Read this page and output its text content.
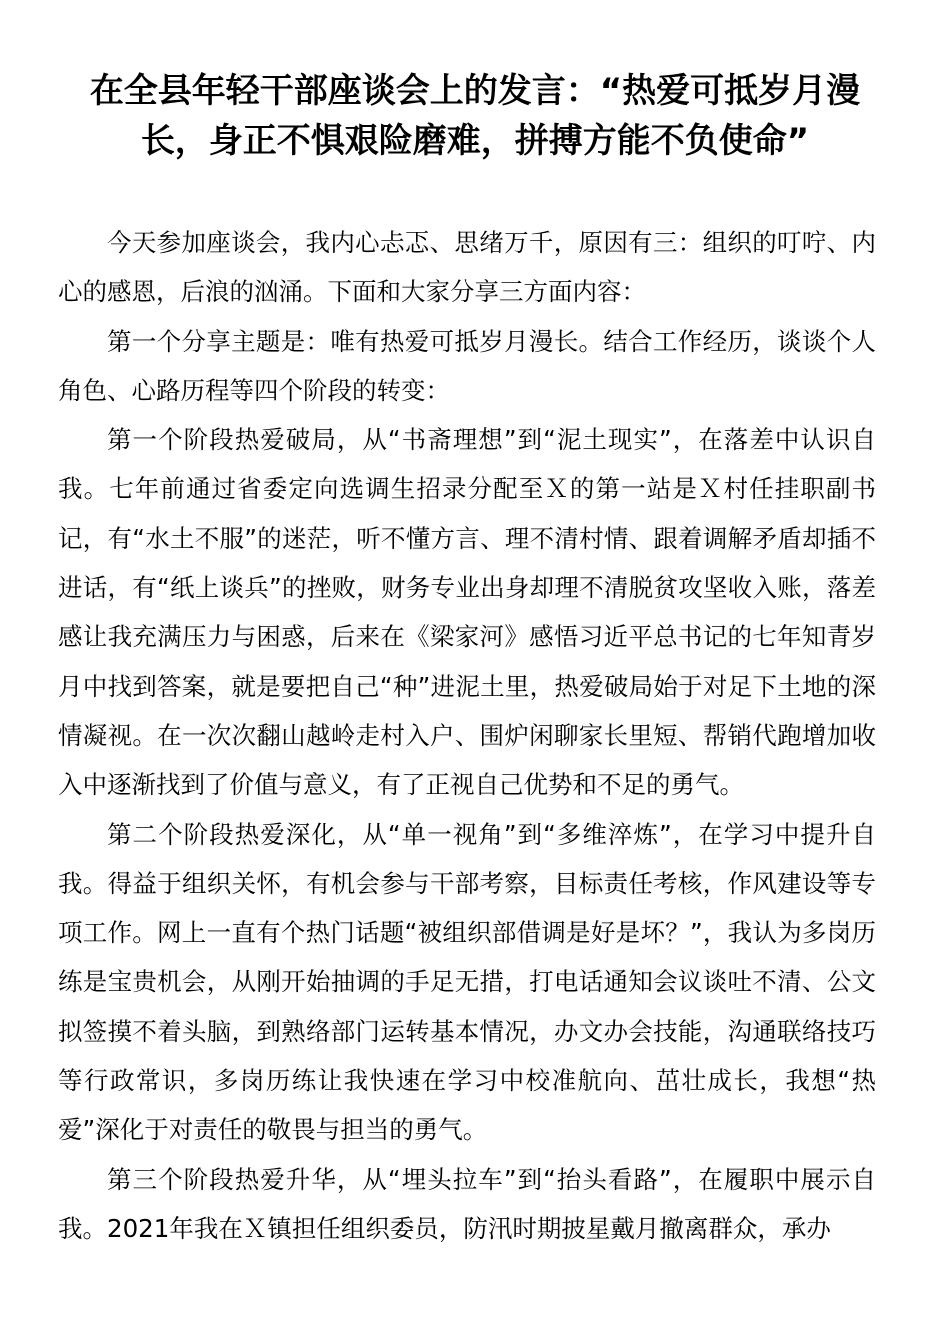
在全县年轻干部座谈会上的发言：“热爱可抵岁月漫长，身正不惧艰险磨难，拼搏方能不负使命”

今天参加座谈会，我内心忐忑、思绪万千，原因有三：组织的叮咛、内心的感恩，后浪的汹涌。下面和大家分享三方面内容：

第一个分享主题是：唯有热爱可抵岁月漫长。结合工作经历，谈谈个人角色、心路历程等四个阶段的转变：

第一个阶段热爱破局，从“书斋理想”到“泥土现实”，在落差中认识自我。七年前通过省委定向选调生招录分配至Ｘ的第一站是Ｘ村任挂职副书记，有“水土不服”的迷茫，听不懂方言、理不清村情、跟着调解矛盾却插不进话，有“纸上谈兵”的挫败，财务专业出身却理不清脱贫攻坚收入账，落差感让我充满压力与困惑，后来在《梁家河》感悟习近平总书记的七年知青岁月中找到答案，就是要把自己“种”进泥土里，热爱破局始于对足下土地的深情凝视。在一次次翻山越岭走村入户、围炉闲聊家长里短、帮销代跑增加收入中逐渐找到了价值与意义，有了正视自己优势和不足的勇气。

第二个阶段热爱深化，从“单一视角”到“多维淬炼”，在学习中提升自我。得益于组织关怀，有机会参与干部考察，目标责任考核，作风建设等专项工作。网上一直有个热门话题“被组织部借调是好是坏？”，我认为多岗历练是宝贵机会，从刚开始抽调的手足无措，打电话通知会议谈吐不清、公文拟签摸不着头脑，到熟络部门运转基本情况，办文办会技能，沟通联络技巧等行政常识，多岗历练让我快速在学习中校准航向、茁壮成长，我想“热爱”深化于对责任的敬畏与担当的勇气。

第三个阶段热爱升华，从“埋头拉车”到“抬头看路”，在履职中展示自我。2021年我在Ｘ镇担任组织委员，防汛时期披星戴月撤离群众，承办
